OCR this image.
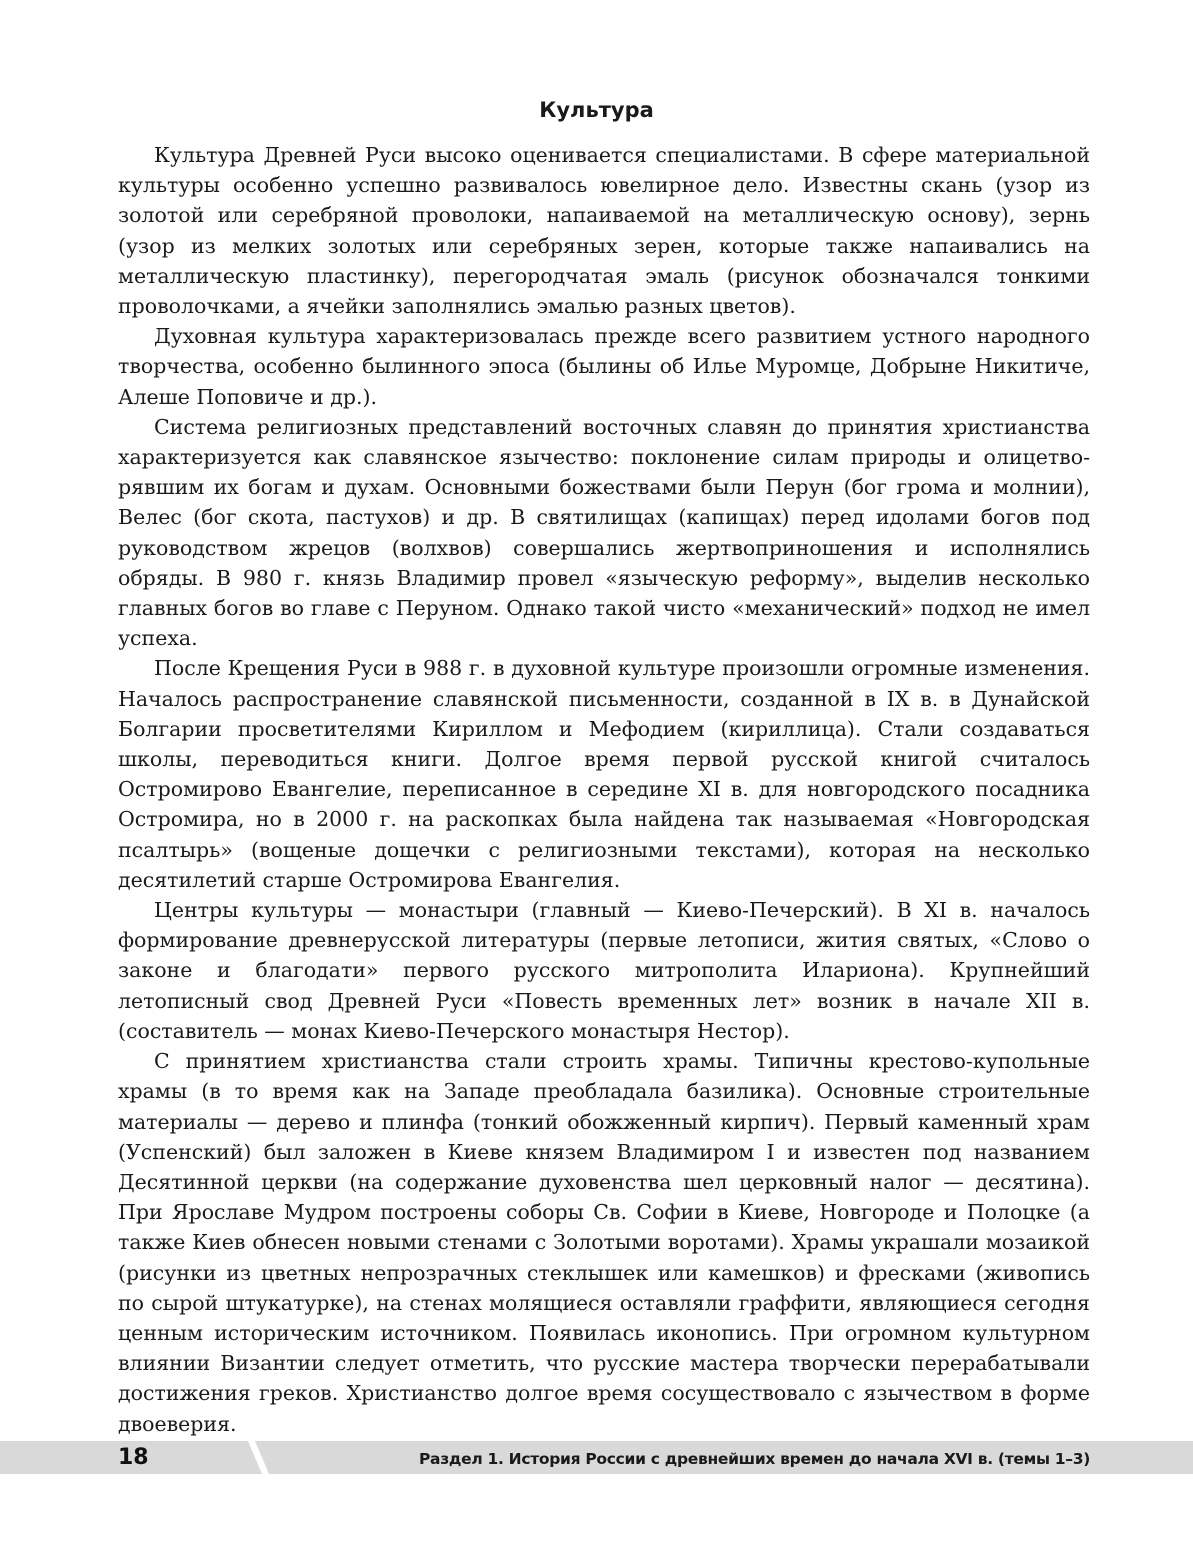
Культура

Культура Древней Руси высоко оценивается специалистами. В сфере материальной культуры особенно успешно развивалось ювелирное дело. Известны скань (узор из золотой или серебряной проволоки, напаиваемой на металлическую основу), зернь (узор из мелких золотых или серебряных зерен, которые также напаивались на металлическую пластинку), перегородчатая эмаль (рисунок обозначался тонкими проволочками, а ячейки заполнялись эмалью разных цветов).

Духовная культура характеризовалась прежде всего развитием устного народного творчества, особенно былинного эпоса (былины об Илье Муромце, Добрыне Никитиче, Алеше Поповиче и др.).

Система религиозных представлений восточных славян до принятия христианства характеризуется как славянское язычество: поклонение силам природы и олицетворявшим их богам и духам. Основными божествами были Перун (бог грома и молнии), Велес (бог скота, пастухов) и др. В святилищах (капищах) перед идолами богов под руководством жрецов (волхвов) совершались жертвоприношения и исполнялись обряды. В 980 г. князь Владимир провел «языческую реформу», выделив несколько главных богов во главе с Перуном. Однако такой чисто «механический» подход не имел успеха.

После Крещения Руси в 988 г. в духовной культуре произошли огромные изменения. Началось распространение славянской письменности, созданной в IX в. в Дунайской Болгарии просветителями Кириллом и Мефодием (кириллица). Стали создаваться школы, переводиться книги. Долгое время первой русской книгой считалось Остромирово Евангелие, переписанное в середине XI в. для новгородского посадника Остромира, но в 2000 г. на раскопках была найдена так называемая «Новгородская псалтырь» (вощеные дощечки с религиозными текстами), которая на несколько десятилетий старше Остромирова Евангелия.

Центры культуры — монастыри (главный — Киево-Печерский). В XI в. началось формирование древнерусской литературы (первые летописи, жития святых, «Слово о законе и благодати» первого русского митрополита Илариона). Крупнейший летописный свод Древней Руси «Повесть временных лет» возник в начале XII в. (составитель — монах Киево-Печерского монастыря Нестор).

С принятием христианства стали строить храмы. Типичны крестово-купольные храмы (в то время как на Западе преобладала базилика). Основные строительные материалы — дерево и плинфа (тонкий обожженный кирпич). Первый каменный храм (Успенский) был заложен в Киеве князем Владимиром I и известен под названием Десятинной церкви (на содержание духовенства шел церковный налог — десятина). При Ярославе Мудром построены соборы Св. Софии в Киеве, Новгороде и Полоцке (а также Киев обнесен новыми стенами с Золотыми воротами). Храмы украшали мозаикой (рисунки из цветных непрозрачных стеклышек или камешков) и фресками (живопись по сырой штукатурке), на стенах молящиеся оставляли граффити, являющиеся сегодня ценным историческим источником. Появилась иконопись. При огромном культурном влиянии Византии следует отметить, что русские мастера творчески перерабатывали достижения греков. Христианство долгое время сосуществовало с язычеством в форме двоеверия.

18	Раздел 1. История России с древнейших времен до начала XVI в. (темы 1–3)
